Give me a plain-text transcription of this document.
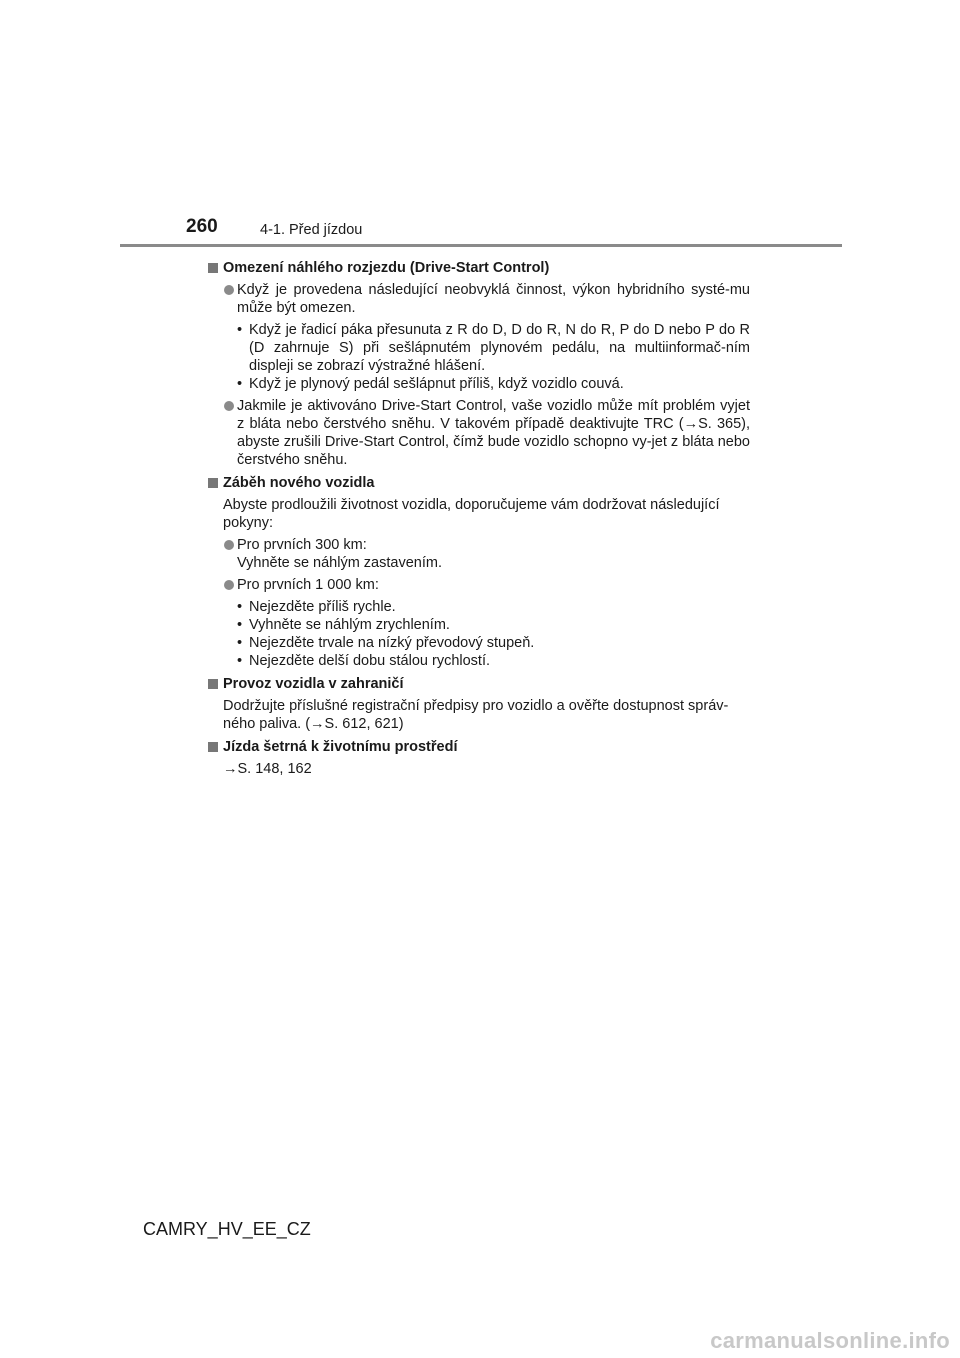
260	4-1. Před jízdou
Omezení náhlého rozjezdu (Drive-Start Control)
Když je provedena následující neobvyklá činnost, výkon hybridního systé-mu může být omezen.
• Když je řadicí páka přesunuta z R do D, D do R, N do R, P do D nebo P do R (D zahrnuje S) při sešlápnutém plynovém pedálu, na multiinformač-ním displeji se zobrazí výstražné hlášení.
• Když je plynový pedál sešlápnut příliš, když vozidlo couvá.
Jakmile je aktivováno Drive-Start Control, vaše vozidlo může mít problém vyjet z bláta nebo čerstvého sněhu. V takovém případě deaktivujte TRC (→S. 365), abyste zrušili Drive-Start Control, čímž bude vozidlo schopno vy-jet z bláta nebo čerstvého sněhu.
Záběh nového vozidla
Abyste prodloužili životnost vozidla, doporučujeme vám dodržovat následující pokyny:
Pro prvních 300 km:
Vyhněte se náhlým zastavením.
Pro prvních 1 000 km:
• Nejezděte příliš rychle.
• Vyhněte se náhlým zrychlením.
• Nejezděte trvale na nízký převodový stupeň.
• Nejezděte delší dobu stálou rychlostí.
Provoz vozidla v zahraničí
Dodržujte příslušné registrační předpisy pro vozidlo a ověřte dostupnost správ-ného paliva. (→S. 612, 621)
Jízda šetrná k životnímu prostředí
→S. 148, 162
CAMRY_HV_EE_CZ
carmanualsonline.info
